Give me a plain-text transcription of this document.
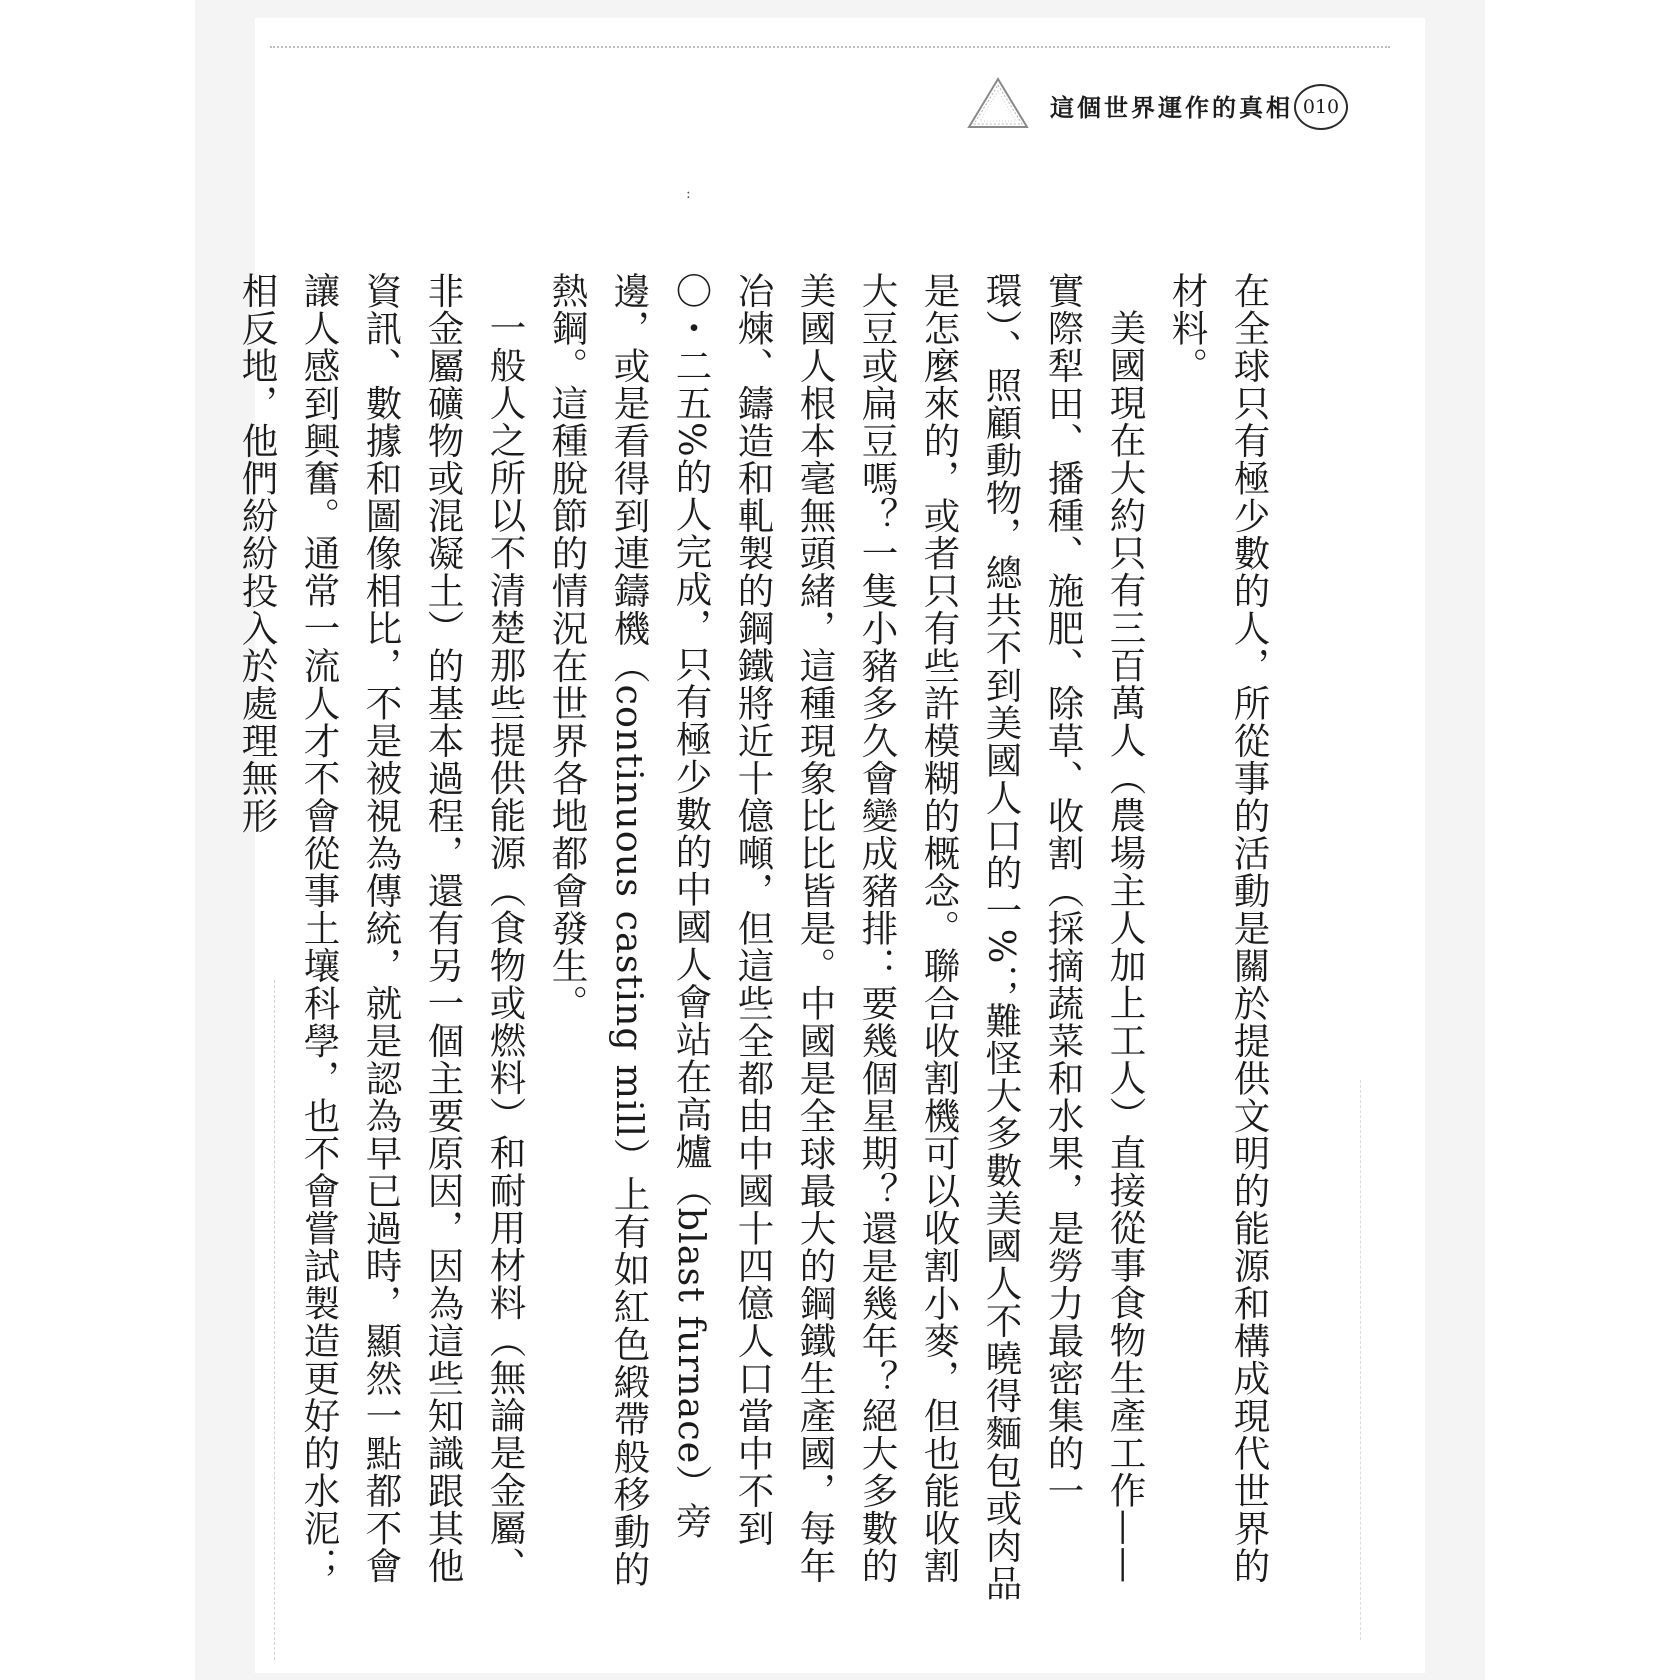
這個世界運作的真相 010
:

在全球只有極少數的人，所從事的活動是關於提供文明的能源和構成現代世界的材料。

美國現在大約只有三百萬人（農場主人加上工人）直接從事食物生產工作——實際犁田、播種、施肥、除草、收割（採摘蔬菜和水果，是勞力最密集的一環）、照顧動物，總共不到美國人口的一%；難怪大多數美國人不曉得麵包或肉品是怎麼來的，或者只有些許模糊的概念。聯合收割機可以收割小麥，但也能收割大豆或扁豆嗎？一隻小豬多久會變成豬排：要幾個星期？還是幾年？絕大多數的美國人根本毫無頭緒，這種現象比比皆是。中國是全球最大的鋼鐵生產國，每年冶煉、鑄造和軋製的鋼鐵將近十億噸，但這些全都由中國十四億人口當中不到〇・二五%的人完成，只有極少數的中國人會站在高爐（blast furnace）旁邊，或是看得到連鑄機（continuous casting mill）上有如紅色緞帶般移動的熱鋼。這種脫節的情況在世界各地都會發生。

一般人之所以不清楚那些提供能源（食物或燃料）和耐用材料（無論是金屬、非金屬礦物或混凝土）的基本過程，還有另一個主要原因，因為這些知識跟其他資訊、數據和圖像相比，不是被視為傳統，就是認為早已過時，顯然一點都不會讓人感到興奮。通常一流人才不會從事土壤科學，也不會嘗試製造更好的水泥；相反地，他們紛紛投入於處理無形
